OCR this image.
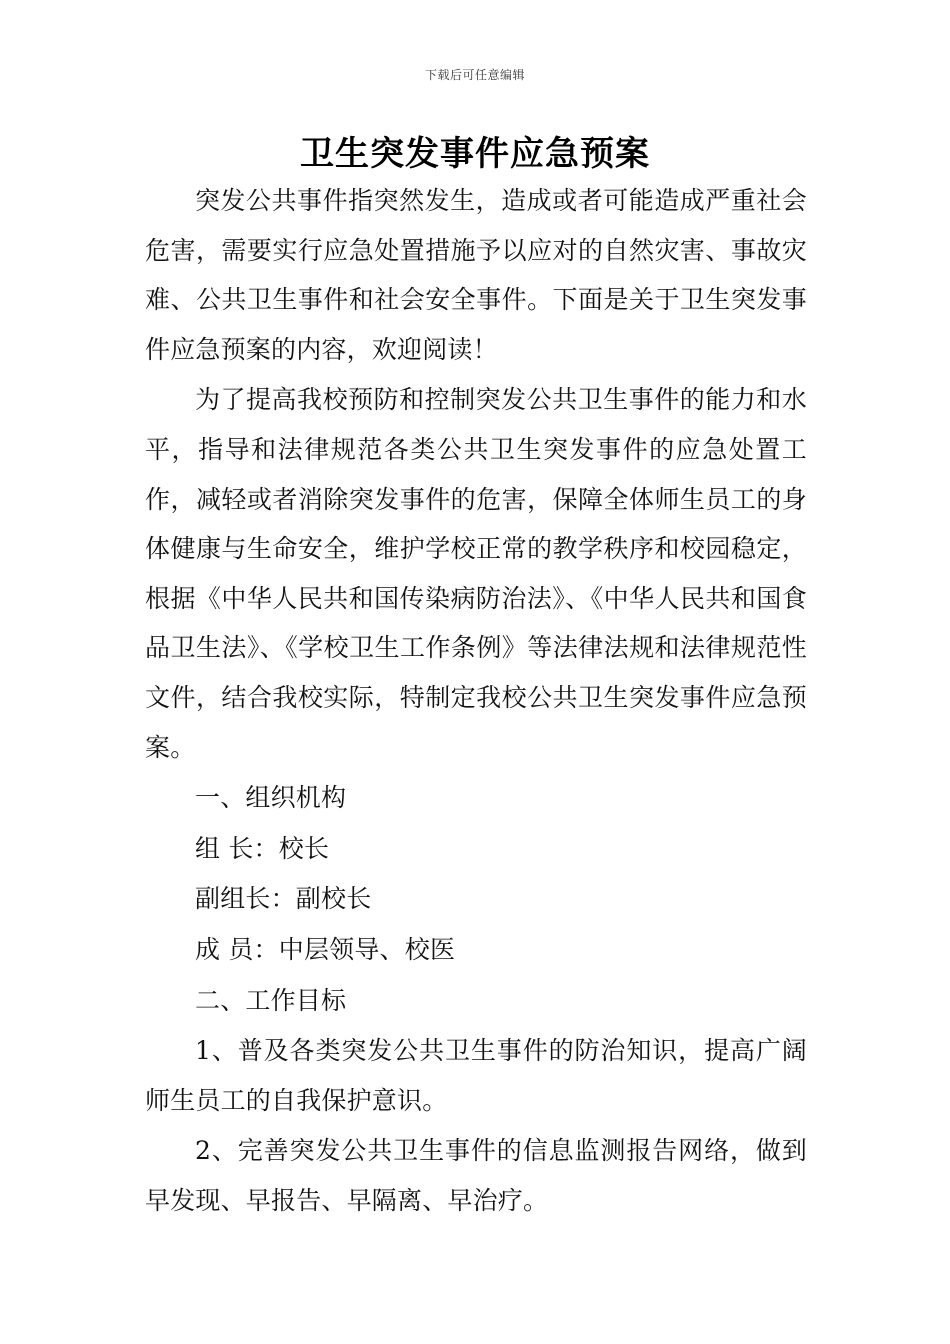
下载后可任意编辑
卫生突发事件应急预案

突发公共事件指突然发生，造成或者可能造成严重社会危害，需要实行应急处置措施予以应对的自然灾害、事故灾难、公共卫生事件和社会安全事件。下面是关于卫生突发事件应急预案的内容，欢迎阅读！

为了提高我校预防和控制突发公共卫生事件的能力和水平，指导和法律规范各类公共卫生突发事件的应急处置工作，减轻或者消除突发事件的危害，保障全体师生员工的身体健康与生命安全，维护学校正常的教学秩序和校园稳定，根据《中华人民共和国传染病防治法》、《中华人民共和国食品卫生法》、《学校卫生工作条例》等法律法规和法律规范性文件，结合我校实际，特制定我校公共卫生突发事件应急预案。

一、组织机构

组 长：校长

副组长：副校长

成 员：中层领导、校医

二、工作目标

1、普及各类突发公共卫生事件的防治知识，提高广阔师生员工的自我保护意识。

2、完善突发公共卫生事件的信息监测报告网络，做到早发现、早报告、早隔离、早治疗。
